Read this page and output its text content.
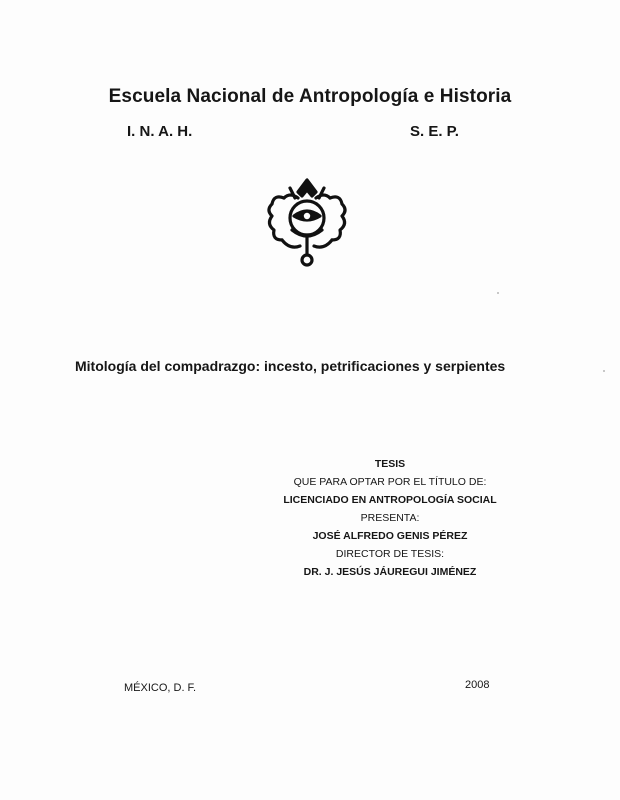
Escuela Nacional de Antropología e Historia
I. N. A. H.	S. E. P.
Mitología del compadrazgo: incesto, petrificaciones y serpientes
TESIS
QUE PARA OPTAR POR EL TÍTULO DE:
LICENCIADO EN ANTROPOLOGÍA SOCIAL
PRESENTA:
JOSÉ ALFREDO GENIS PÉREZ
DIRECTOR DE TESIS:
DR. J. JESÚS JÁUREGUI JIMÉNEZ
MÉXICO, D. F.	2008
